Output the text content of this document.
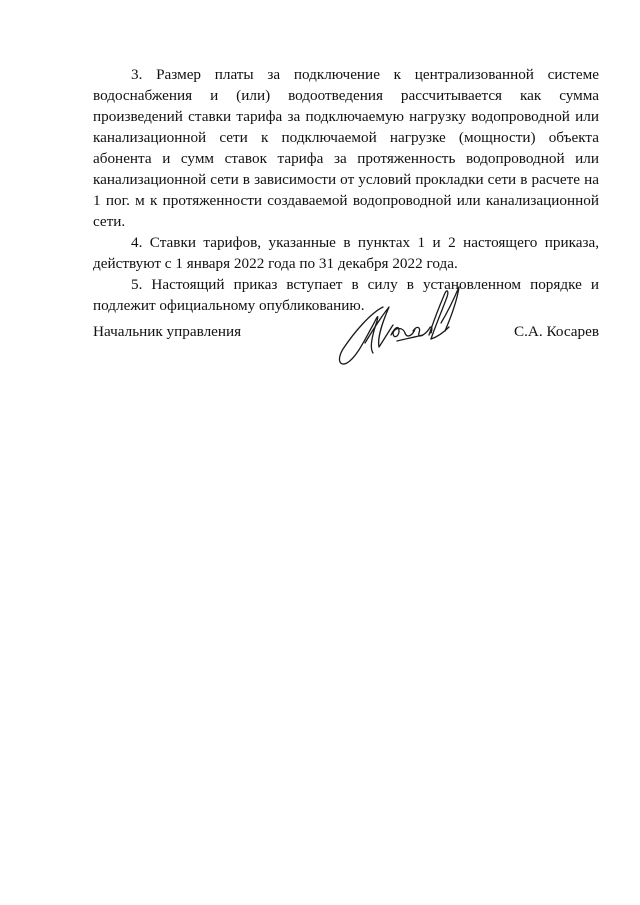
3. Размер платы за подключение к централизованной системе водоснабжения и (или) водоотведения рассчитывается как сумма произведений ставки тарифа за подключаемую нагрузку водопроводной или канализационной сети к подключаемой нагрузке (мощности) объекта абонента и сумм ставок тарифа за протяженность водопроводной или канализационной сети в зависимости от условий прокладки сети в расчете на 1 пог. м к протяженности создаваемой водопроводной или канализационной сети.

4. Ставки тарифов, указанные в пунктах 1 и 2 настоящего приказа, действуют с 1 января 2022 года по 31 декабря 2022 года.

5. Настоящий приказ вступает в силу в установленном порядке и подлежит официальному опубликованию.

Начальник управления	С.А. Косарев
